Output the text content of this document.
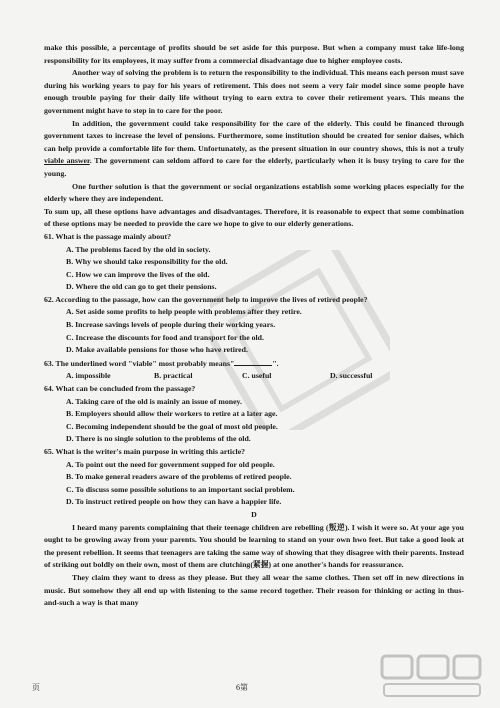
make this possible, a percentage of profits should be set aside for this purpose. But when a company must take life-long responsibility for its employees, it may suffer from a commercial disadvantage due to higher employee costs.

Another way of solving the problem is to return the responsibility to the individual. This means each person must save during his working years to pay for his years of retirement. This does not seem a very fair model since some people have enough trouble paying for their daily life without trying to earn extra to cover their retirement years. This means the government might have to step in to care for the poor.

In addition, the government could take responsibility for the care of the elderly. This could be financed through government taxes to increase the level of pensions. Furthermore, some institution should be created for senior daises, which can help provide a comfortable life for them. Unfortunately, as the present situation in our country shows, this is not a truly viable answer. The government can seldom afford to care for the elderly, particularly when it is busy trying to care for the young.

One further solution is that the government or social organizations establish some working places especially for the elderly where they are independent.

To sum up, all these options have advantages and disadvantages. Therefore, it is reasonable to expect that some combination of these options may be needed to provide the care we hope to give to our elderly generations.

61. What is the passage mainly about?

A. The problems faced by the old in society.

B. Why we should take responsibility for the old.

C. How we can improve the lives of the old.

D. Where the old can go to get their pensions.

62. According to the passage, how can the government help to improve the lives of retired people?

A. Set aside some profits to help people with problems after they retire.

B. Increase savings levels of people during their working years.

C. Increase the discounts for food and transport for the old.

D. Make available pensions for those who have retired.

63. The underlined word "viable" most probably means"	".

A. impossible	B. practical	C. useful	D. successful

64. What can be concluded from the passage?

A. Taking care of the old is mainly an issue of money.

B. Employers should allow their workers to retire at a later age.

C. Becoming independent should be the goal of most old people.

D. There is no single solution to the problems of the old.

65. What is the writer's main purpose in writing this article?

A. To point out the need for government supped for old people.

B. To make general readers aware of the problems of retired people.

C. To discuss some possible solutions to an important social problem.

D. To instruct retired people on how they can have a happier life.

D

I heard many parents complaining that their teenage children are rebelling (叛逆). I wish it were so. At your age you ought to be growing away from your parents. You should be learning to stand on your own hwo feet. But take a good look at the present rebellion. It seems that teenagers are taking the same way of showing that they disagree with their parents. Instead of striking out boldly on their own, most of them are clutching(紧握) at one another's hands for reassurance.

They claim they want to dress as they please. But they all wear the same clothes. Then set off in new directions in music. But somehow they all end up with listening to the same record together. Their reason for thinking or acting in thus-and-such a way is that many

页	6第
